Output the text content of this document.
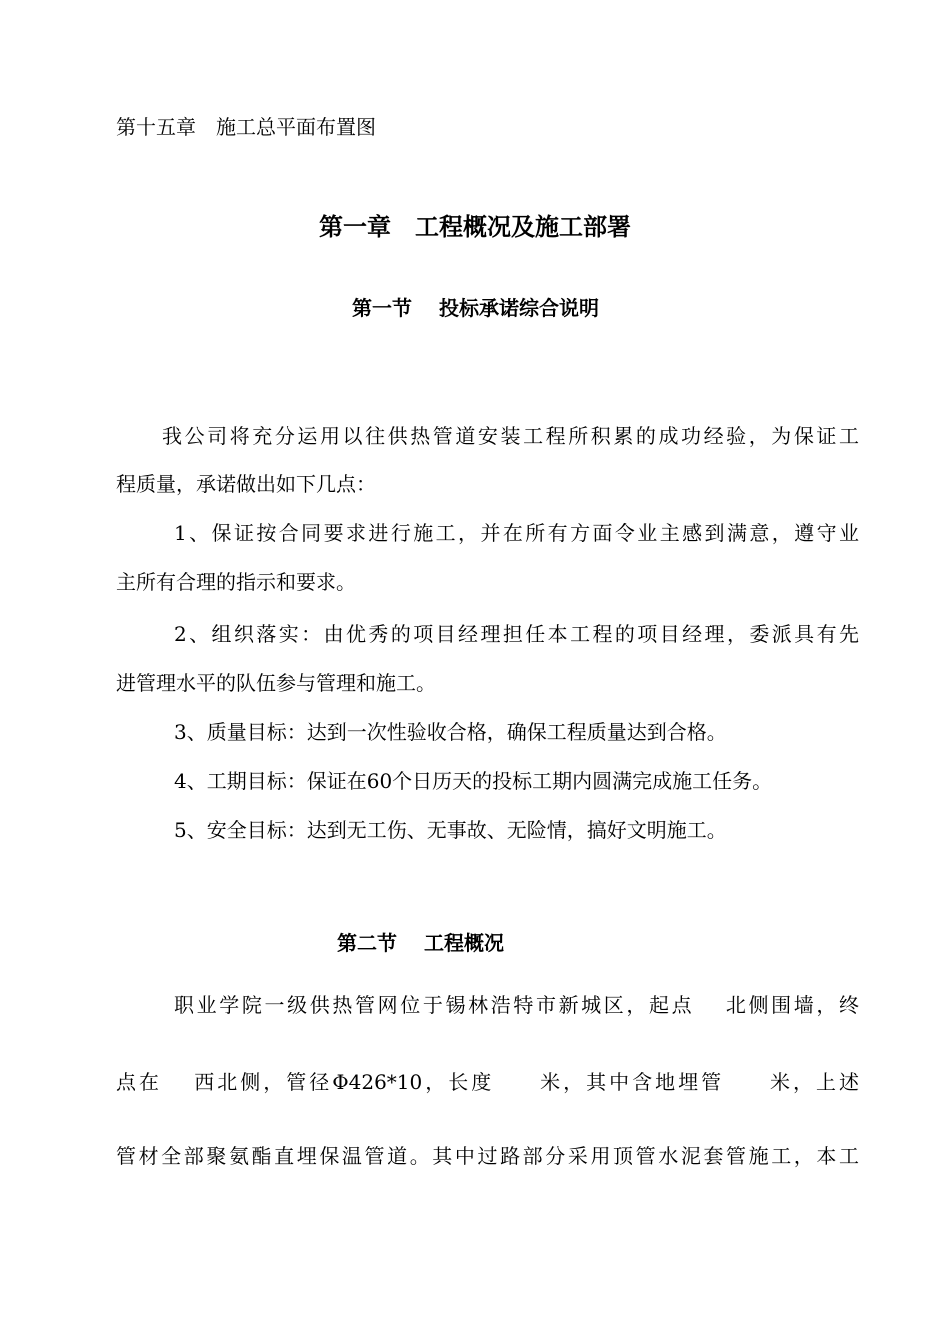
第十五章　施工总平面布置图
第一章　工程概况及施工部署
第一节　 投标承诺综合说明
我公司将充分运用以往供热管道安装工程所积累的成功经验，为保证工
程质量，承诺做出如下几点：
1、保证按合同要求进行施工，并在所有方面令业主感到满意，遵守业
主所有合理的指示和要求。
2、组织落实：由优秀的项目经理担任本工程的项目经理，委派具有先
进管理水平的队伍参与管理和施工。
3、质量目标：达到一次性验收合格，确保工程质量达到合格。
4、工期目标：保证在60个日历天的投标工期内圆满完成施工任务。
5、安全目标：达到无工伤、无事故、无险情，搞好文明施工。
第二节　 工程概况
职业学院一级供热管网位于锡林浩特市新城区，起点　 北侧围墙，终
点在　 西北侧，管径Φ426*10，长度　　米，其中含地埋管　　米，上述
管材全部聚氨酯直埋保温管道。其中过路部分采用顶管水泥套管施工，本工
